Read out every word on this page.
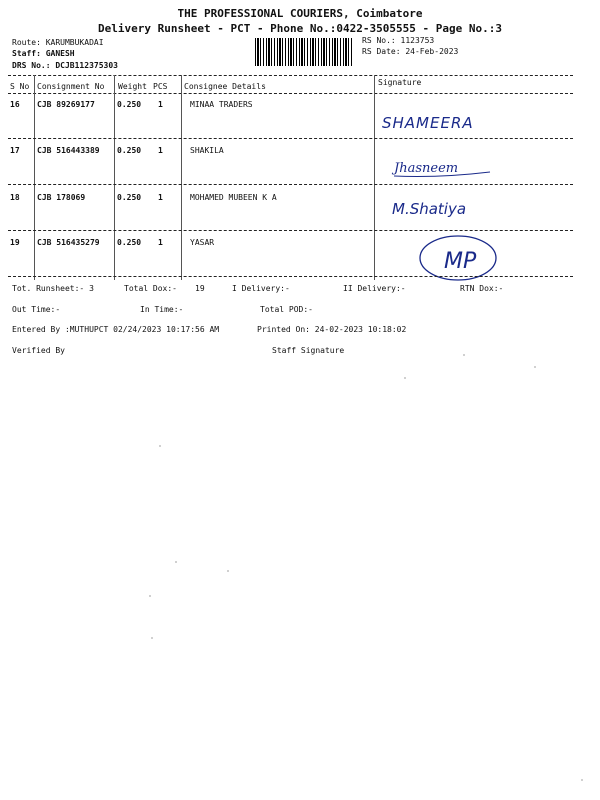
THE PROFESSIONAL COURIERS, Coimbatore
Delivery Runsheet - PCT - Phone No.:0422-3505555 - Page No.:3
Route: KARUMBUKADAI
Staff: GANESH
DRS No.: DCJB112375303
RS No.: 1123753
RS Date: 24-Feb-2023
S No Consignment No Weight PCS Consignee Details	Signature
16 CJB 89269177	0.250 1	MINAA TRADERS
SHAMEERA
17 CJB 516443389 0.250 1	SHAKILA
Jhasneem
18 CJB 178069	0.250 1	MOHAMED MUBEEN K A
M.Shatiya
19 CJB 516435279 0.250 1	YASAR
MP
Tot. Runsheet:- 3	Total Dox:- 19	I Delivery:-	II Delivery:-	RTN Dox:-
Out Time:-	In Time:-	Total POD:-
Entered By :MUTHUPCT 02/24/2023 10:17:56 AM	Printed On: 24-02-2023 10:18:02
Verified By	Staff Signature
